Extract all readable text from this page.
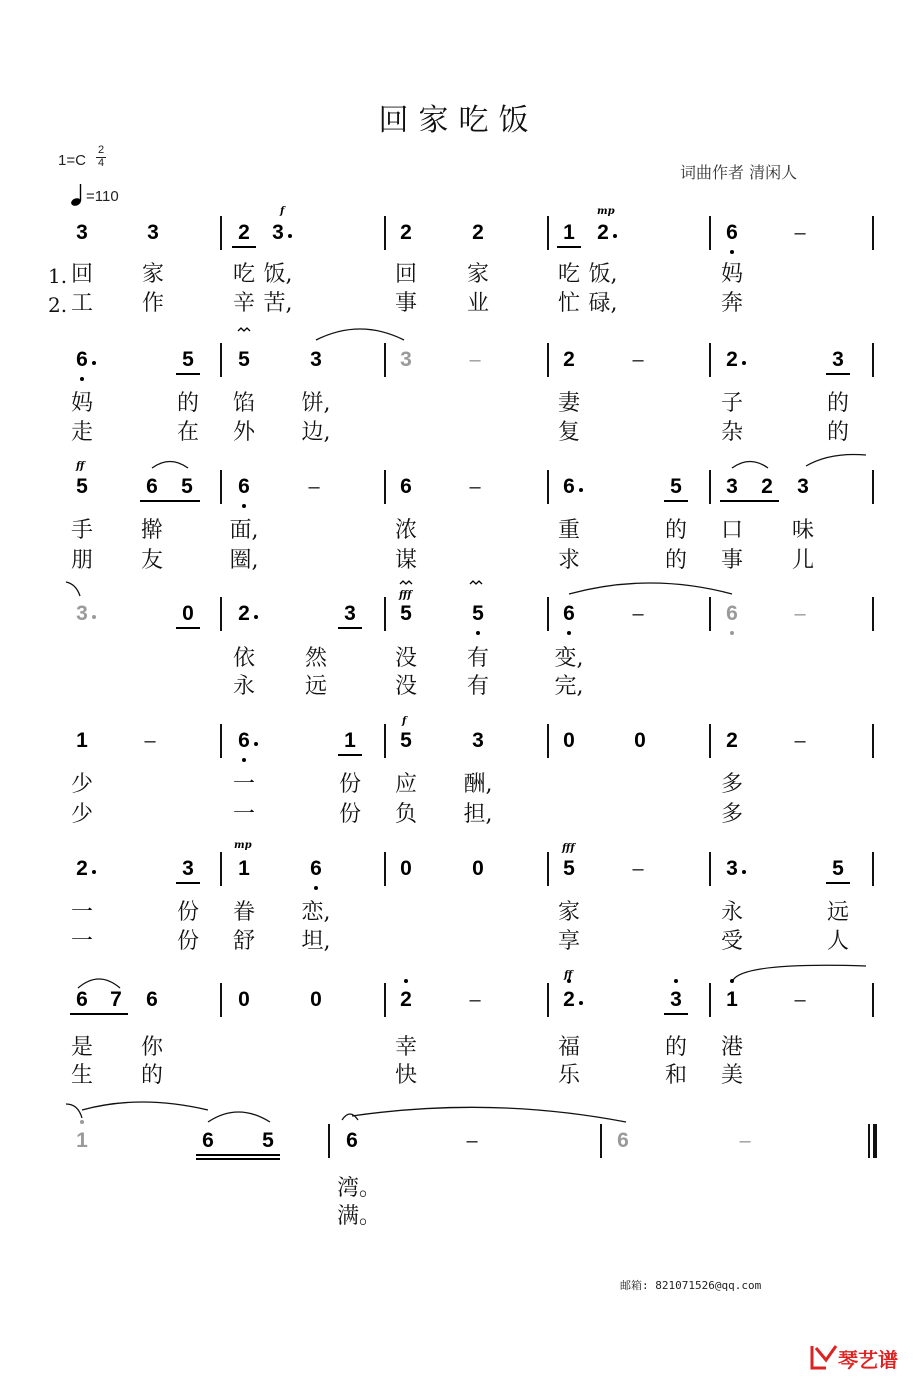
回家吃饭
1=C
2
4
=110
词曲作者 清闲人
1.
2.
邮箱: 821071526@qq.com
琴艺谱
3	3	2 3	2	2	1 2	6	–
回 家	吃 饭,	回 家	吃 饭,	妈
工 作	辛 苦,	事 业	忙 碌,	奔
6	5 5	3	3	–	2	–	2	3
妈	的 馅 饼,	妻	子	的
走	在 外 边,	复	杂	的
5	6 5 6	–	6	–	6	5 3 2 3
手 擀	面,	浓	重	的 口 味
朋 友	圈,	谋	求	的 事 儿
3	0 2	3 5	5	6	–	6	–
依 然	没 有	变,
永 远	没 有	完,
1	–	6	1 5	3	0	0	2	–
少	一	份 应 酬,	多
少	一	份 负 担,	多
2	3 1	6	0	0	5	–	3	5
一	份 眷 恋,	家	永	远
一	份 舒 坦,	享	受	人
6 7 6	0	0	2	–	2	3 1	–
是 你	幸	福	的 港
生 的	快	乐	和 美
1	6 5	6	–	6	–
湾。
满。
f	mp
ff
fff
f
mp	fff
ff
